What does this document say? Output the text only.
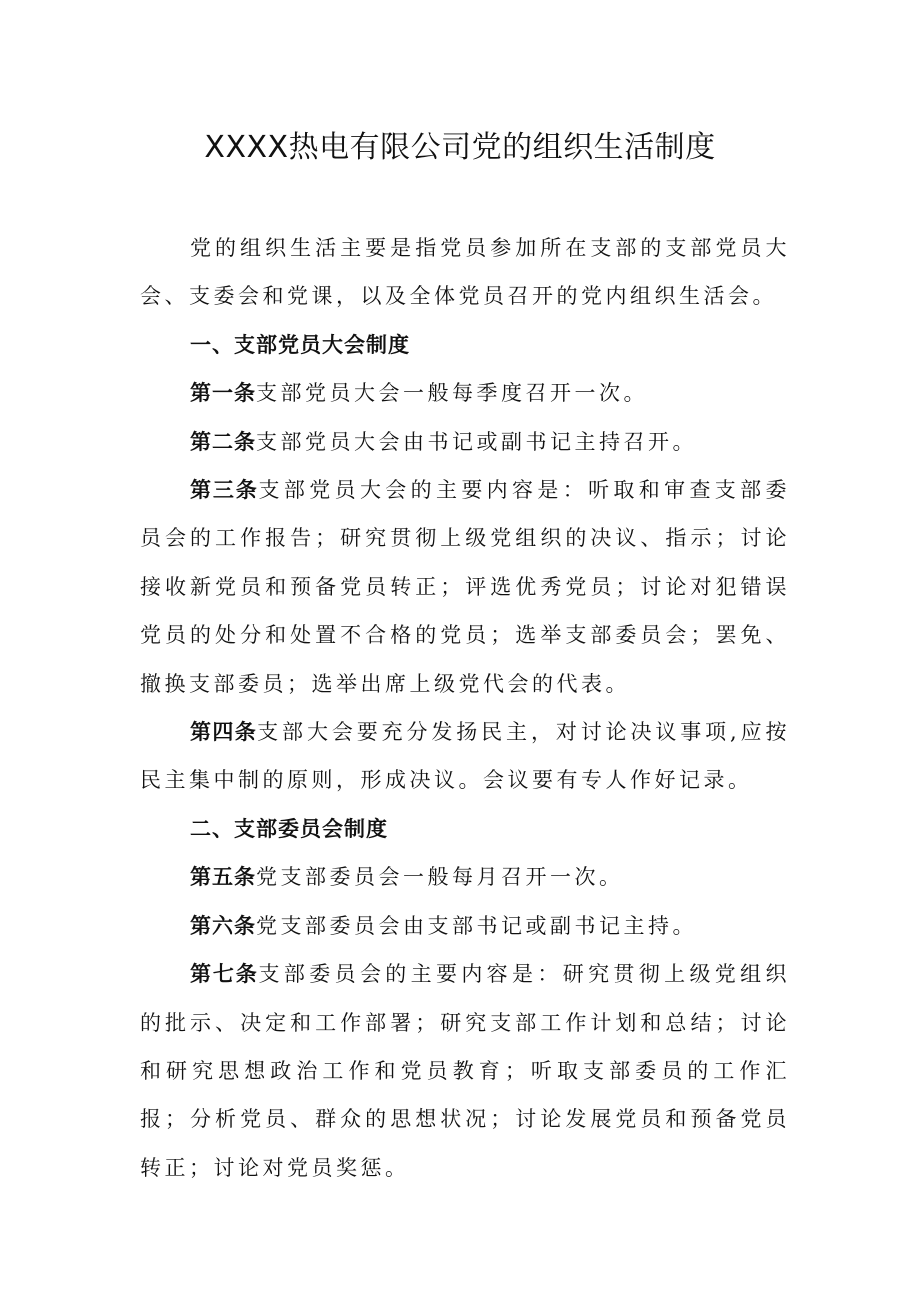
XXXX热电有限公司党的组织生活制度

党的组织生活主要是指党员参加所在支部的支部党员大会、支委会和党课，以及全体党员召开的党内组织生活会。

一、支部党员大会制度

第一条支部党员大会一般每季度召开一次。

第二条支部党员大会由书记或副书记主持召开。

第三条支部党员大会的主要内容是：听取和审查支部委员会的工作报告；研究贯彻上级党组织的决议、指示；讨论接收新党员和预备党员转正；评选优秀党员；讨论对犯错误党员的处分和处置不合格的党员；选举支部委员会；罢免、撤换支部委员；选举出席上级党代会的代表。

第四条支部大会要充分发扬民主，对讨论决议事项,应按民主集中制的原则，形成决议。会议要有专人作好记录。

二、支部委员会制度

第五条党支部委员会一般每月召开一次。

第六条党支部委员会由支部书记或副书记主持。

第七条支部委员会的主要内容是：研究贯彻上级党组织的批示、决定和工作部署；研究支部工作计划和总结；讨论和研究思想政治工作和党员教育；听取支部委员的工作汇报；分析党员、群众的思想状况；讨论发展党员和预备党员转正；讨论对党员奖惩。
